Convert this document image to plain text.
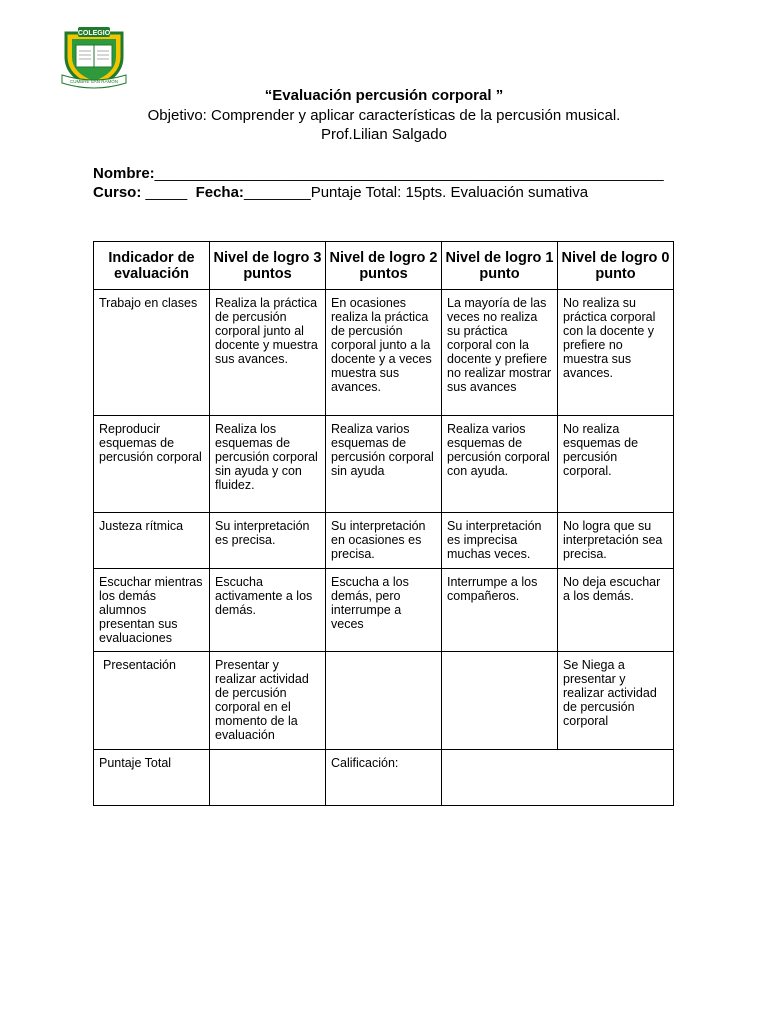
COLEGIO
CUMBRE SAN RAMÓN
“Evaluación percusión corporal ”
Objetivo: Comprender y aplicar características de la percusión musical.
Prof.Lilian Salgado
Nombre:_____________________________________________________________
Curso: _____ Fecha:________Puntaje Total: 15pts. Evaluación sumativa
Indicador de evaluación	Nivel de logro 3 puntos	Nivel de logro 2 puntos	Nivel de logro 1 punto	Nivel de logro 0 punto
Trabajo en clases	Realiza la práctica de percusión corporal junto al docente y muestra sus avances.	En ocasiones realiza la práctica de percusión corporal junto a la docente y a veces muestra sus avances.	La mayoría de las veces no realiza su práctica corporal con la docente y prefiere no realizar mostrar sus avances	No realiza su práctica corporal con la docente y prefiere no muestra sus avances.
Reproducir esquemas de percusión corporal	Realiza los esquemas de percusión corporal sin ayuda y con fluidez.	Realiza varios esquemas de percusión corporal sin ayuda	Realiza varios esquemas de percusión corporal con ayuda.	No realiza esquemas de percusión corporal.
Justeza rítmica	Su interpretación es precisa.	Su interpretación en ocasiones es precisa.	Su interpretación es imprecisa muchas veces.	No logra que su interpretación sea precisa.
Escuchar mientras los demás alumnos presentan sus evaluaciones	Escucha activamente a los demás.	Escucha a los demás, pero interrumpe a veces	Interrumpe a los compañeros.	No deja escuchar a los demás.
Presentación	Presentar y realizar actividad de percusión corporal en el momento de la evaluación			Se Niega a presentar y realizar actividad de percusión corporal
Puntaje Total		Calificación:		
